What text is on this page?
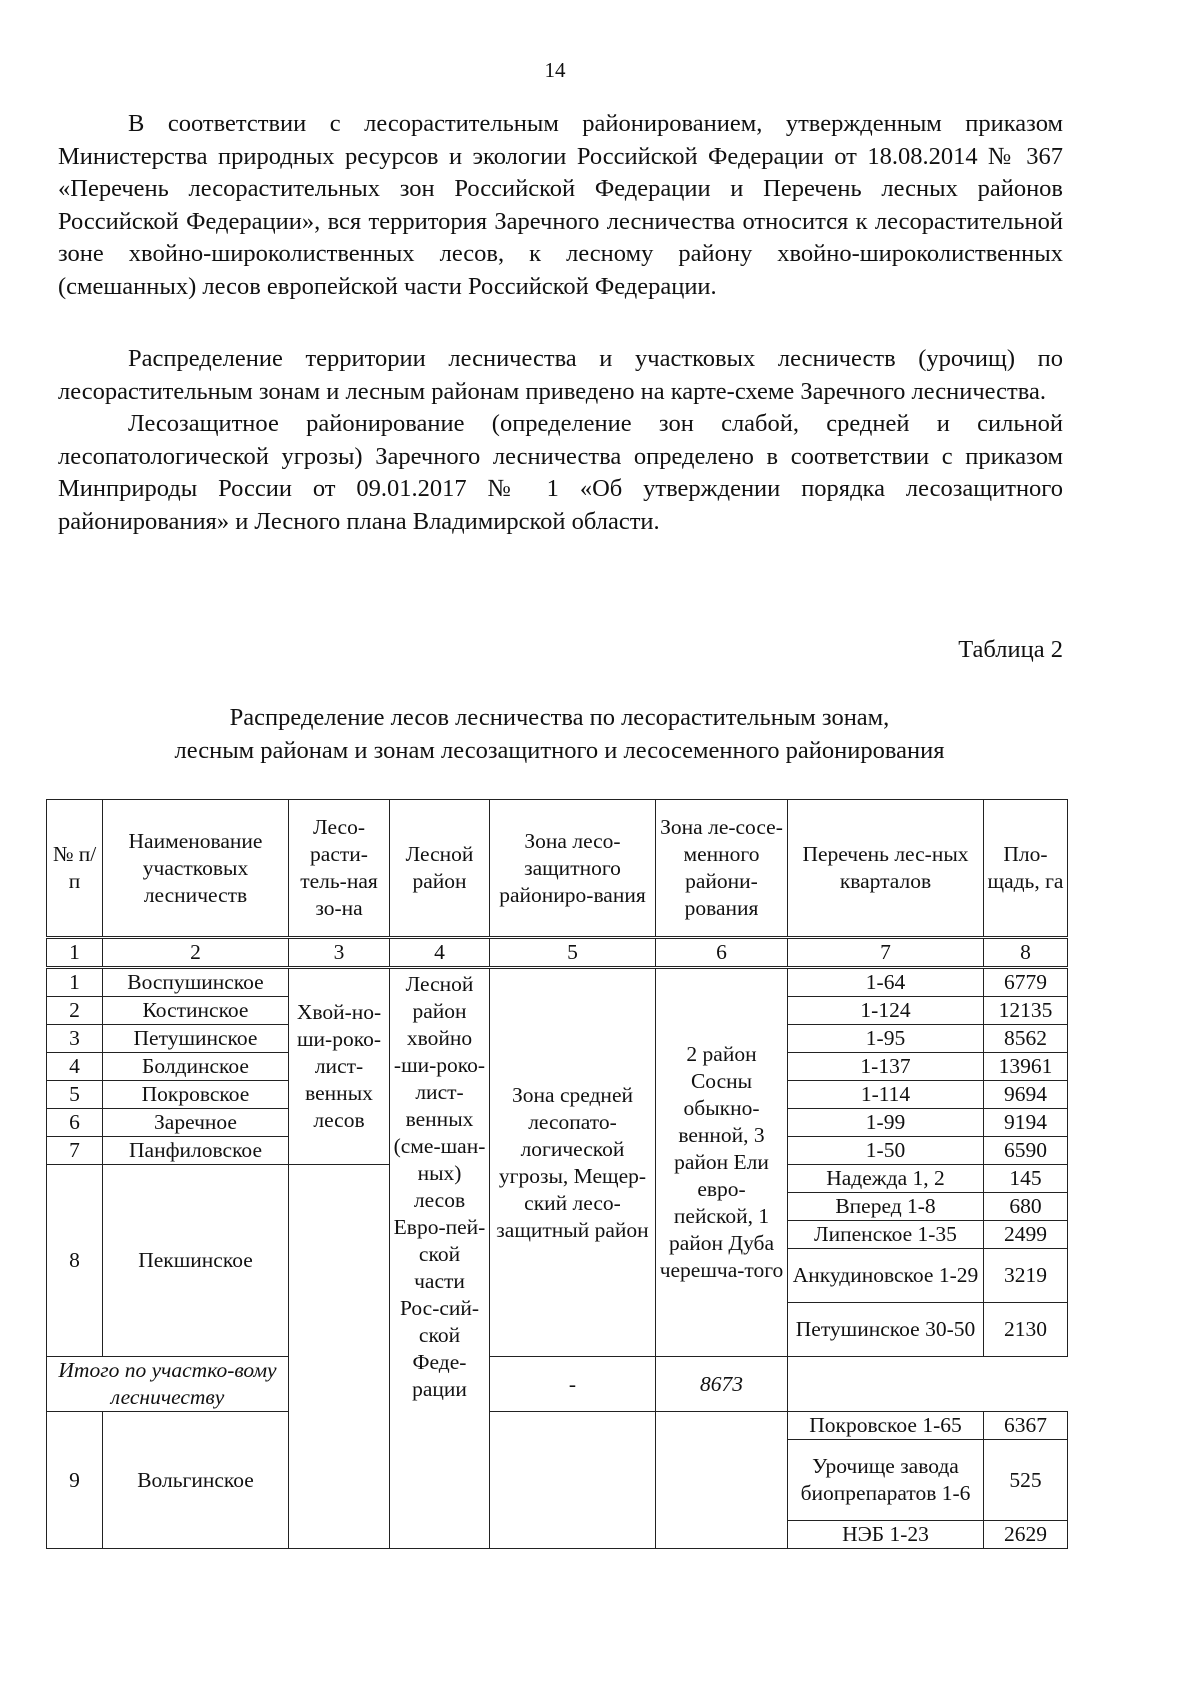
14

В соответствии с лесорастительным районированием, утвержденным приказом Министерства природных ресурсов и экологии Российской Федерации от 18.08.2014 № 367 «Перечень лесорастительных зон Российской Федерации и Перечень лесных районов Российской Федерации», вся территория Заречного лесничества относится к лесорастительной зоне хвойно-широколиственных лесов, к лесному району хвойно-широколиственных (смешанных) лесов европейской части Российской Федерации.

Распределение территории лесничества и участковых лесничеств (урочищ) по лесорастительным зонам и лесным районам приведено на карте-схеме Заречного лесничества.

Лесозащитное районирование (определение зон слабой, средней и сильной лесопатологической угрозы) Заречного лесничества определено в соответствии с приказом Минприроды России от 09.01.2017 № 1 «Об утверждении порядка лесозащитного районирования» и Лесного плана Владимирской области.

Таблица 2
Распределение лесов лесничества по лесорастительным зонам,
лесным районам и зонам лесозащитного и лесосеменного районирования
№ п/п	Наименование участковых лесничеств	Лесо-расти-тель-ная зо-на	Лесной район	Зона лесо-защитного райониро-вания	Зона ле-сосе-менного райони-рования	Перечень лес-ных кварталов	Пло-щадь, га
1	2	3	4	5	6	7	8
1	Воспушинское	Хвой-но-ши-роко-лист-венных лесов	Лесной район хвойно -ши-роко-лист-венных (сме-шан-ных) лесов Евро-пей-ской части Рос-сий-ской Феде-рации	Зона средней лесопато-логической угрозы, Мещер-ский лесо-защитный район	2 район Сосны обыкно-венной, 3 район Ели евро-пейской, 1 район Дуба черешча-того	1-64	6779
2	Костинское					1-124	12135
3	Петушинское					1-95	8562
4	Болдинское					1-137	13961
5	Покровское					1-114	9694
6	Заречное					1-99	9194
7	Панфиловское					1-50	6590
8	Пекшинское					Надежда 1, 2	145
						Вперед 1-8	680
						Липенское 1-35	2499
						Анкудиновское 1-29	3219
						Петушинское 30-50	2130
Итого по участко-вому лесничеству				-	8673		
9	Вольгинское					Покровское 1-65	6367
						Урочище завода биопрепаратов 1-6	525
						НЭБ 1-23	2629
